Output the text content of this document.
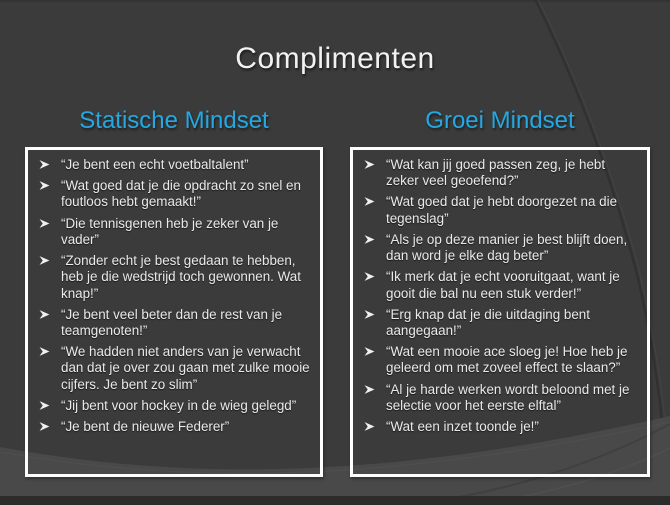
Complimenten
Statische Mindset	Groei Mindset
“Je bent een echt voetbaltalent”
“Wat goed dat je die opdracht zo snel en foutloos hebt gemaakt!”
“Die tennisgenen heb je zeker van je vader”
“Zonder echt je best gedaan te hebben, heb je die wedstrijd toch gewonnen. Wat knap!”
“Je bent veel beter dan de rest van je teamgenoten!”
“We hadden niet anders van je verwacht dan dat je over zou gaan met zulke mooie cijfers. Je bent zo slim”
“Jij bent voor hockey in de wieg gelegd”
“Je bent de nieuwe Federer”
“Wat kan jij goed passen zeg, je hebt zeker veel geoefend?”
“Wat goed dat je hebt doorgezet na die tegenslag”
“Als je op deze manier je best blijft doen, dan word je elke dag beter”
“Ik merk dat je echt vooruitgaat, want je gooit die bal nu een stuk verder!”
“Erg knap dat je die uitdaging bent aangegaan!”
“Wat een mooie ace sloeg je! Hoe heb je geleerd om met zoveel effect te slaan?”
“Al je harde werken wordt beloond met je selectie voor het eerste elftal”
“Wat een inzet toonde je!”
